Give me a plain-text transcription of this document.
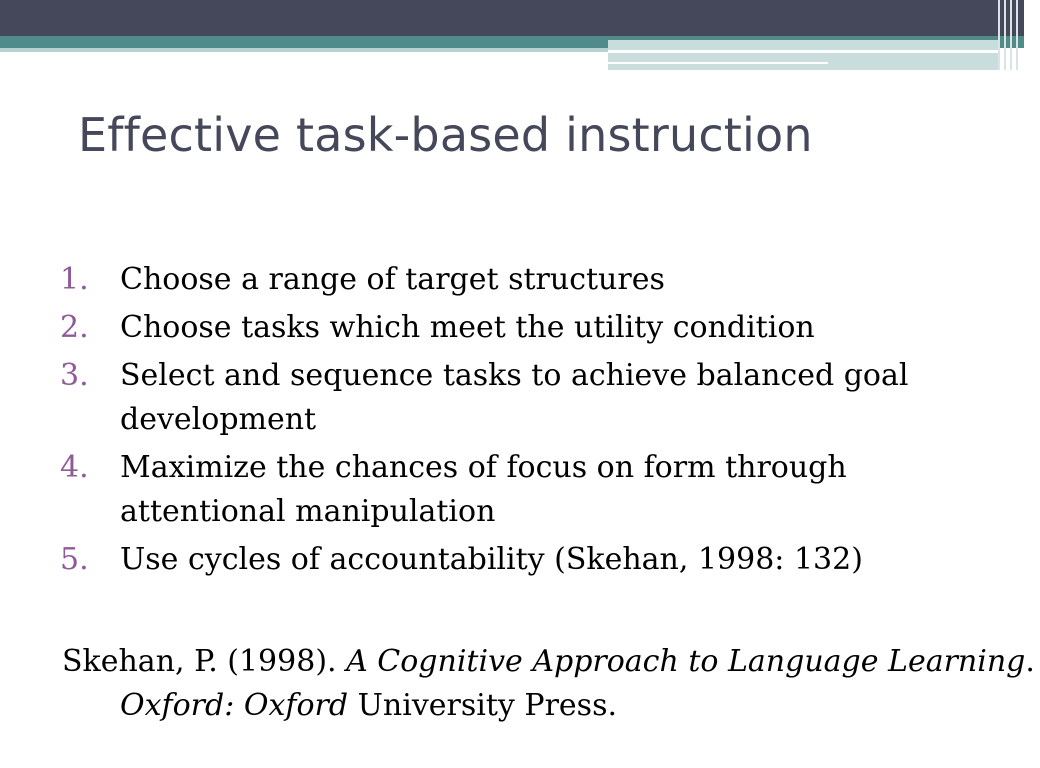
Effective task-based instruction
1. Choose a range of target structures
2. Choose tasks which meet the utility condition
3. Select and sequence tasks to achieve balanced goal development
4. Maximize the chances of focus on form through attentional manipulation
5. Use cycles of accountability (Skehan, 1998: 132)

Skehan, P. (1998). A Cognitive Approach to Language Learning. Oxford: Oxford University Press.
